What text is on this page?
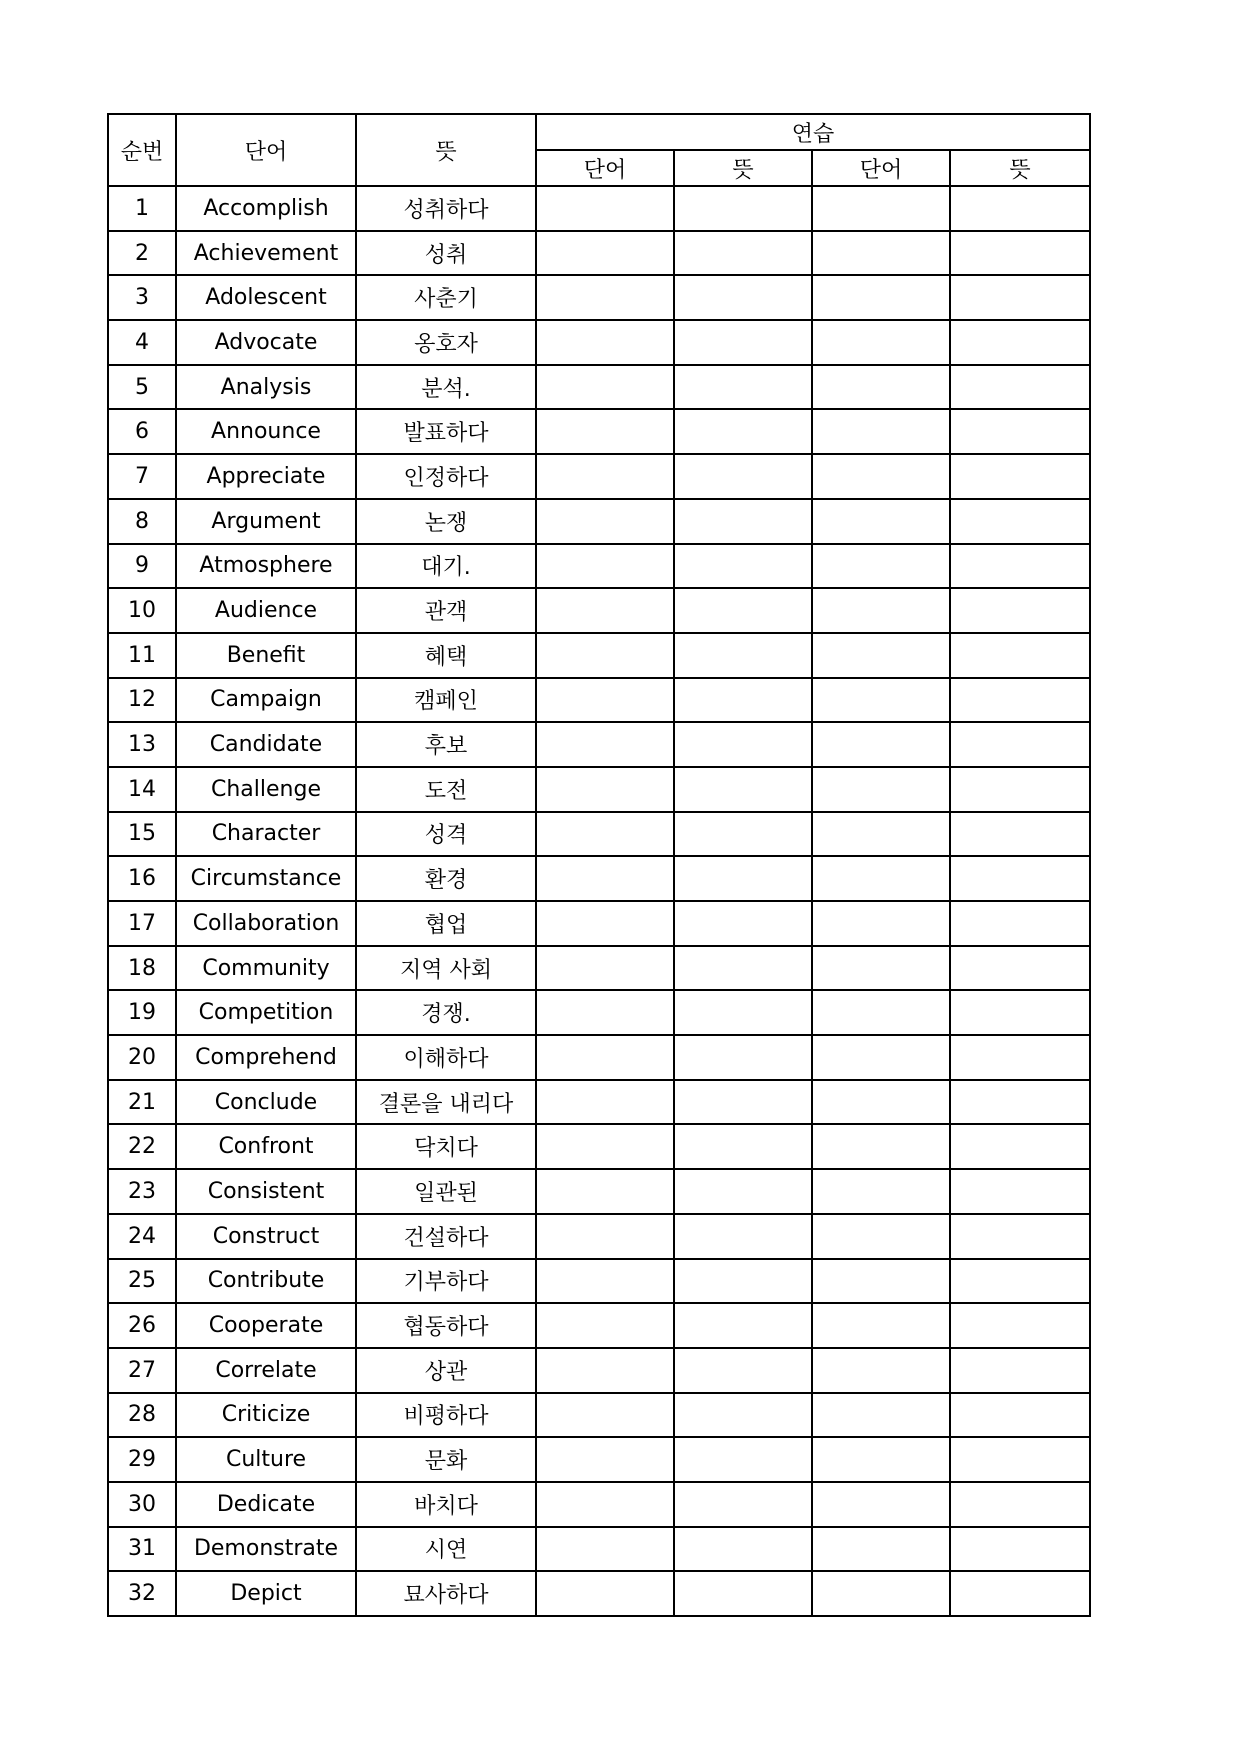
순번	단어	뜻	연습			
			단어	뜻	단어	뜻
1	Accomplish	성취하다				
2	Achievement	성취				
3	Adolescent	사춘기				
4	Advocate	옹호자				
5	Analysis	분석.				
6	Announce	발표하다				
7	Appreciate	인정하다				
8	Argument	논쟁				
9	Atmosphere	대기.				
10	Audience	관객				
11	Benefit	혜택				
12	Campaign	캠페인				
13	Candidate	후보				
14	Challenge	도전				
15	Character	성격				
16	Circumstance	환경				
17	Collaboration	협업				
18	Community	지역 사회				
19	Competition	경쟁.				
20	Comprehend	이해하다				
21	Conclude	결론을 내리다				
22	Confront	닥치다				
23	Consistent	일관된				
24	Construct	건설하다				
25	Contribute	기부하다				
26	Cooperate	협동하다				
27	Correlate	상관				
28	Criticize	비평하다				
29	Culture	문화				
30	Dedicate	바치다				
31	Demonstrate	시연				
32	Depict	묘사하다				
